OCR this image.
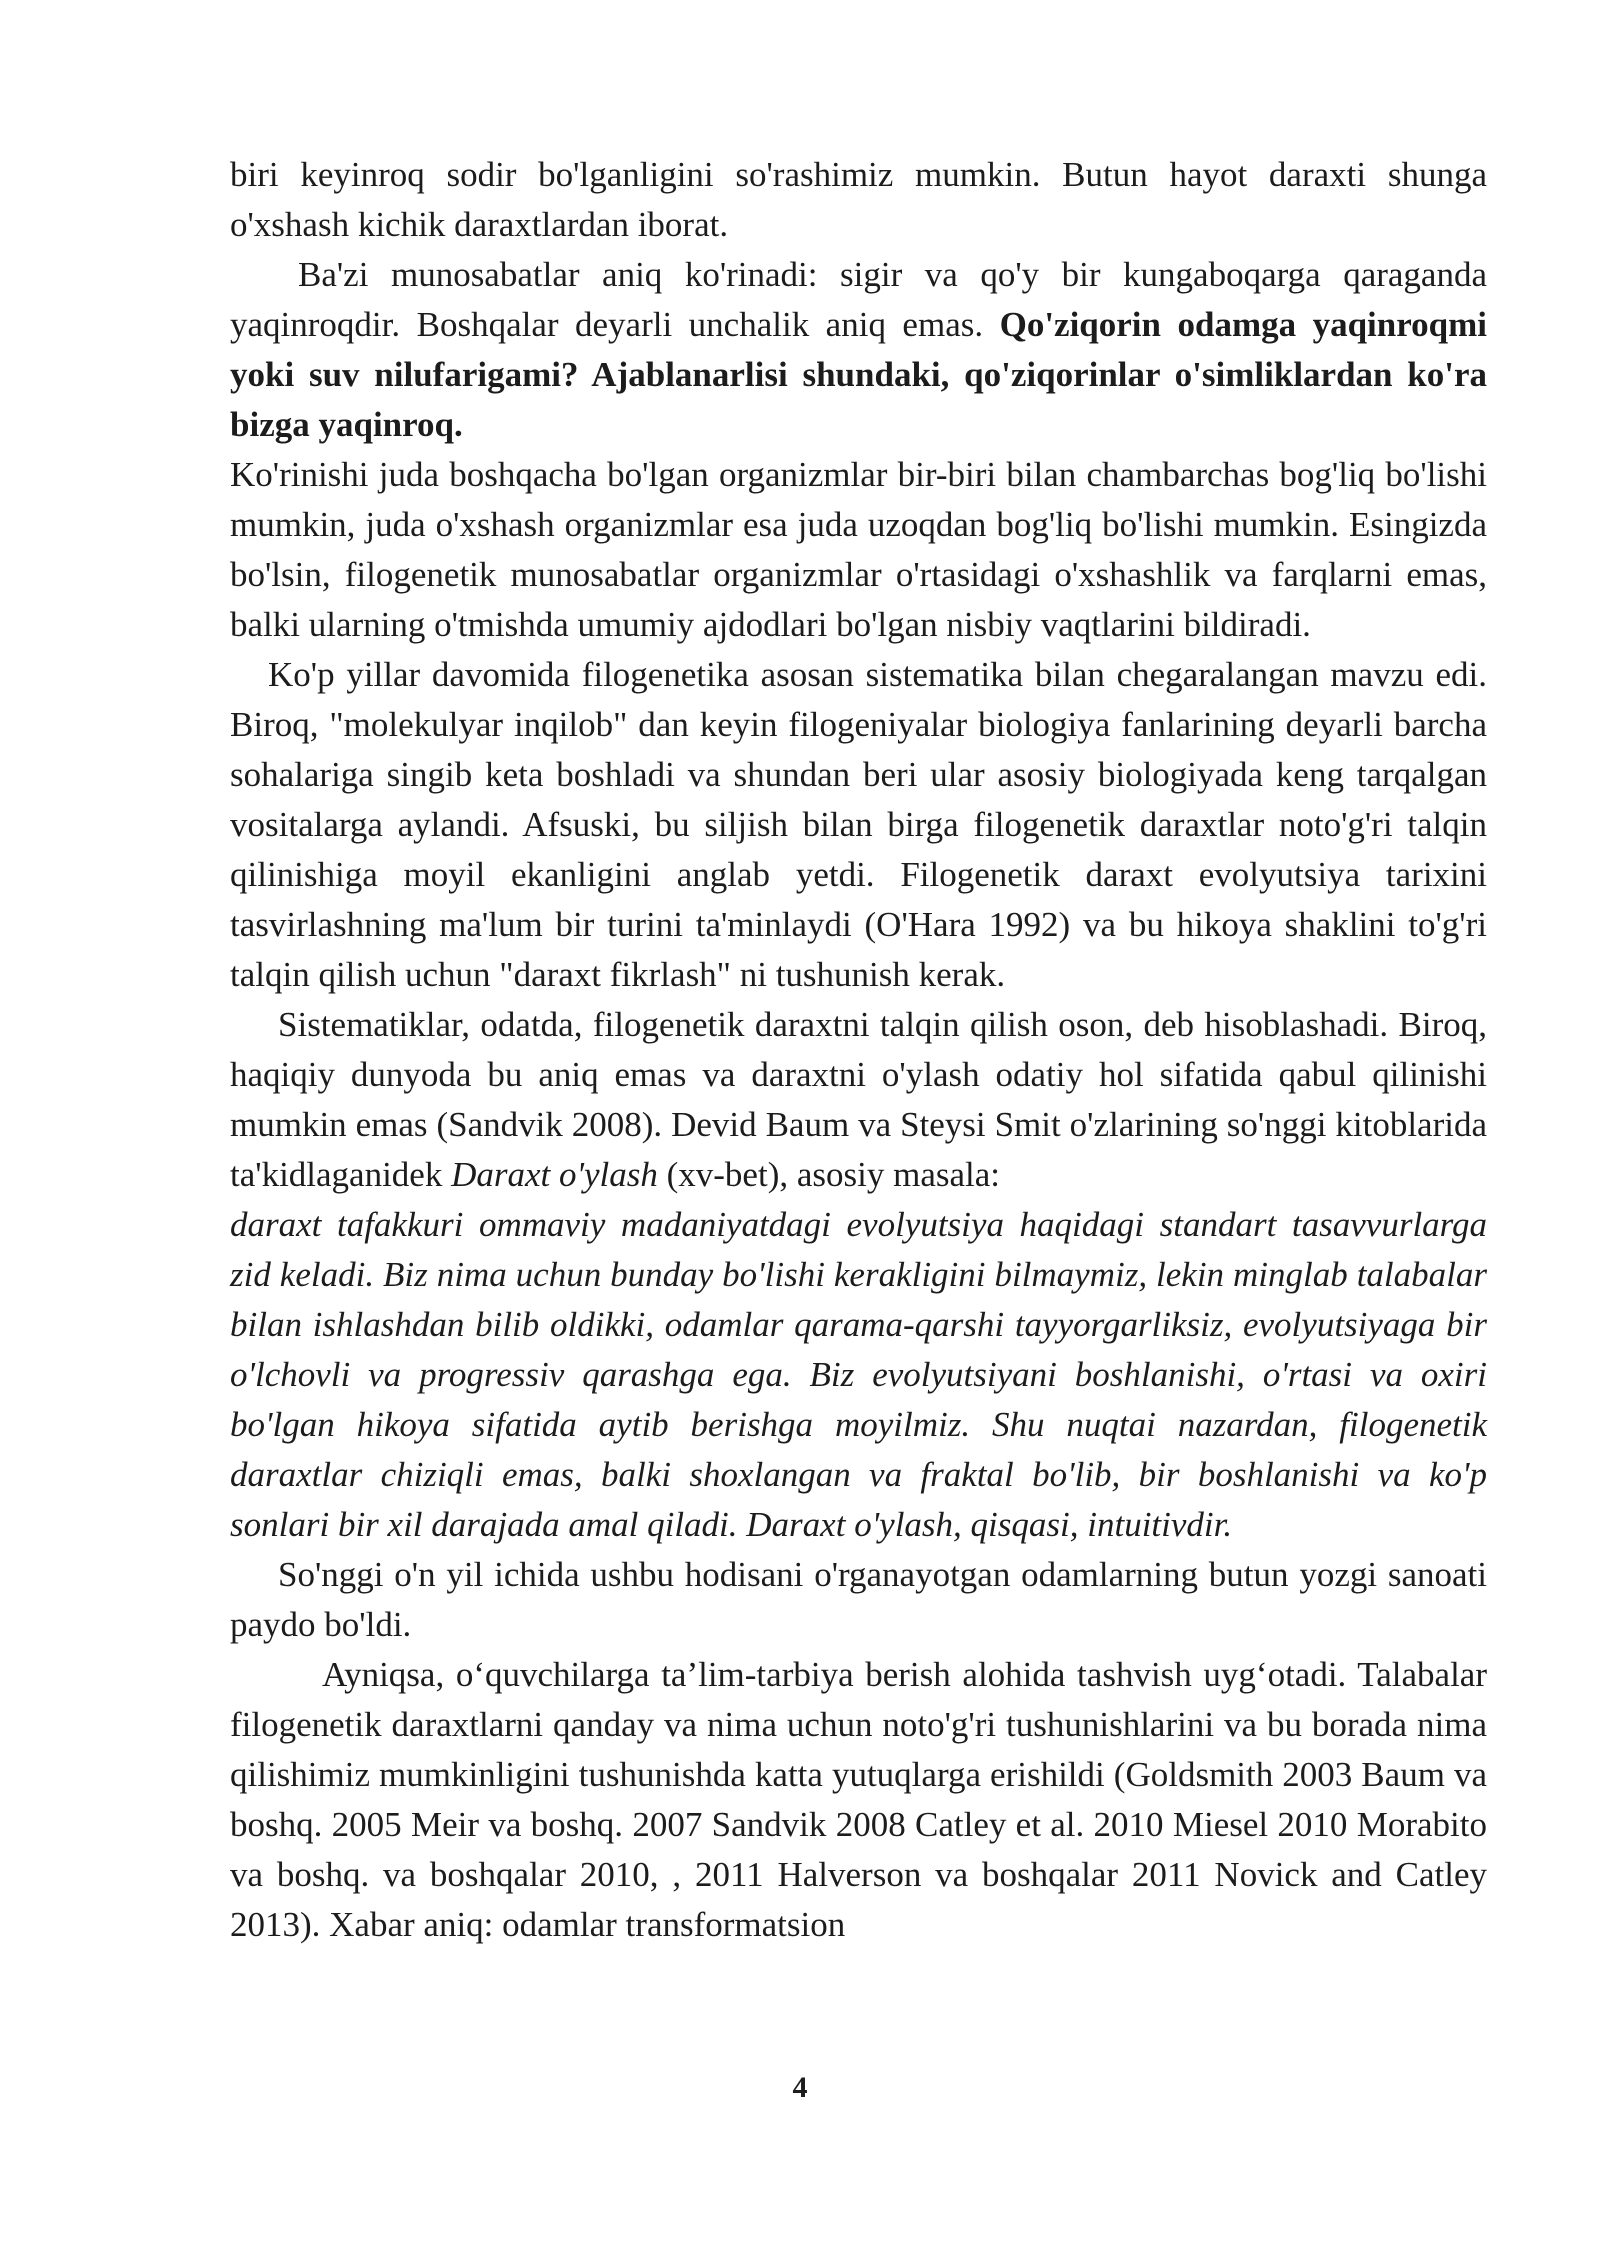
biri keyinroq sodir bo'lganligini so'rashimiz mumkin. Butun hayot daraxti shunga o'xshash kichik daraxtlardan iborat.

Ba'zi munosabatlar aniq ko'rinadi: sigir va qo'y bir kungaboqarga qaraganda yaqinroqdir. Boshqalar deyarli unchalik aniq emas. Qo'ziqorin odamga yaqinroqmi yoki suv nilufarigami? Ajablanarlisi shundaki, qo'ziqorinlar o'simliklardan ko'ra bizga yaqinroq.

Ko'rinishi juda boshqacha bo'lgan organizmlar bir-biri bilan chambarchas bog'liq bo'lishi mumkin, juda o'xshash organizmlar esa juda uzoqdan bog'liq bo'lishi mumkin. Esingizda bo'lsin, filogenetik munosabatlar organizmlar o'rtasidagi o'xshashlik va farqlarni emas, balki ularning o'tmishda umumiy ajdodlari bo'lgan nisbiy vaqtlarini bildiradi.

Ko'p yillar davomida filogenetika asosan sistematika bilan chegaralangan mavzu edi. Biroq, "molekulyar inqilob" dan keyin filogeniyalar biologiya fanlarining deyarli barcha sohalariga singib keta boshladi va shundan beri ular asosiy biologiyada keng tarqalgan vositalarga aylandi. Afsuski, bu siljish bilan birga filogenetik daraxtlar noto'g'ri talqin qilinishiga moyil ekanligini anglab yetdi. Filogenetik daraxt evolyutsiya tarixini tasvirlashning ma'lum bir turini ta'minlaydi (O'Hara 1992) va bu hikoya shaklini to'g'ri talqin qilish uchun "daraxt fikrlash" ni tushunish kerak.

Sistematiklar, odatda, filogenetik daraxtni talqin qilish oson, deb hisoblashadi. Biroq, haqiqiy dunyoda bu aniq emas va daraxtni o'ylash odatiy hol sifatida qabul qilinishi mumkin emas (Sandvik 2008). Devid Baum va Steysi Smit o'zlarining so'nggi kitoblarida ta'kidlaganidek Daraxt o'ylash (xv-bet), asosiy masala:

daraxt tafakkuri ommaviy madaniyatdagi evolyutsiya haqidagi standart tasavvurlarga zid keladi. Biz nima uchun bunday bo'lishi kerakligini bilmaymiz, lekin minglab talabalar bilan ishlashdan bilib oldikki, odamlar qarama-qarshi tayyorgarliksiz, evolyutsiyaga bir o'lchovli va progressiv qarashga ega. Biz evolyutsiyani boshlanishi, o'rtasi va oxiri bo'lgan hikoya sifatida aytib berishga moyilmiz. Shu nuqtai nazardan, filogenetik daraxtlar chiziqli emas, balki shoxlangan va fraktal bo'lib, bir boshlanishi va ko'p sonlari bir xil darajada amal qiladi. Daraxt o'ylash, qisqasi, intuitivdir.

So'nggi o'n yil ichida ushbu hodisani o'rganayotgan odamlarning butun yozgi sanoati paydo bo'ldi.

Ayniqsa, o‘quvchilarga ta’lim-tarbiya berish alohida tashvish uyg‘otadi. Talabalar filogenetik daraxtlarni qanday va nima uchun noto'g'ri tushunishlarini va bu borada nima qilishimiz mumkinligini tushunishda katta yutuqlarga erishildi (Goldsmith 2003 Baum va boshq. 2005 Meir va boshq. 2007 Sandvik 2008 Catley et al. 2010 Miesel 2010 Morabito va boshq. va boshqalar 2010, , 2011 Halverson va boshqalar 2011 Novick and Catley 2013). Xabar aniq: odamlar transformatsion

4
